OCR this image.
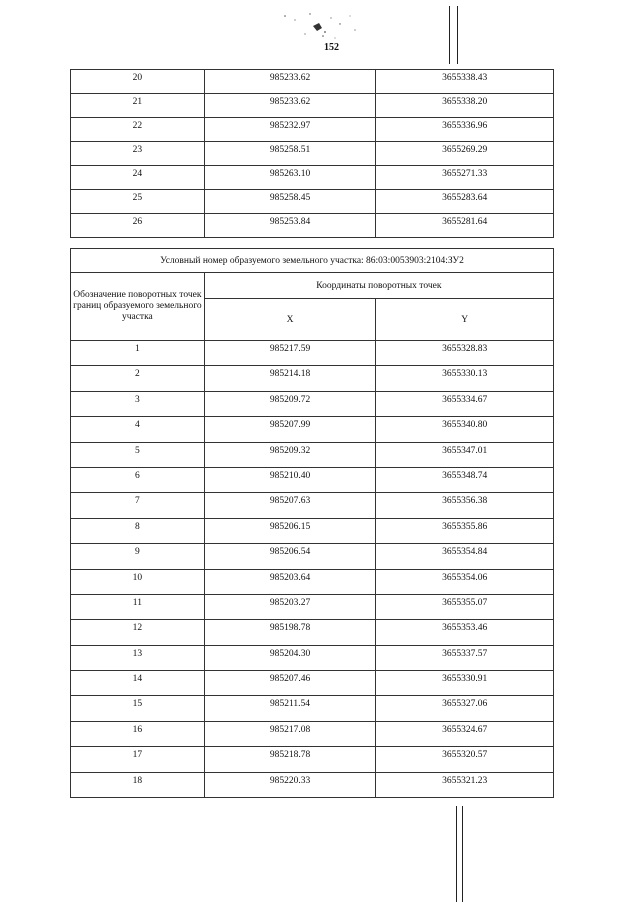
152
20	985233.62	3655338.43
21	985233.62	3655338.20
22	985232.97	3655336.96
23	985258.51	3655269.29
24	985263.10	3655271.33
25	985258.45	3655283.64
26	985253.84	3655281.64
Условный номер образуемого земельного участка: 86:03:0053903:2104:ЗУ2		
Обозначение поворотных точек границ образуемого земельного участка	Координаты поворотных точек	
	X	Y
1	985217.59	3655328.83
2	985214.18	3655330.13
3	985209.72	3655334.67
4	985207.99	3655340.80
5	985209.32	3655347.01
6	985210.40	3655348.74
7	985207.63	3655356.38
8	985206.15	3655355.86
9	985206.54	3655354.84
10	985203.64	3655354.06
11	985203.27	3655355.07
12	985198.78	3655353.46
13	985204.30	3655337.57
14	985207.46	3655330.91
15	985211.54	3655327.06
16	985217.08	3655324.67
17	985218.78	3655320.57
18	985220.33	3655321.23
